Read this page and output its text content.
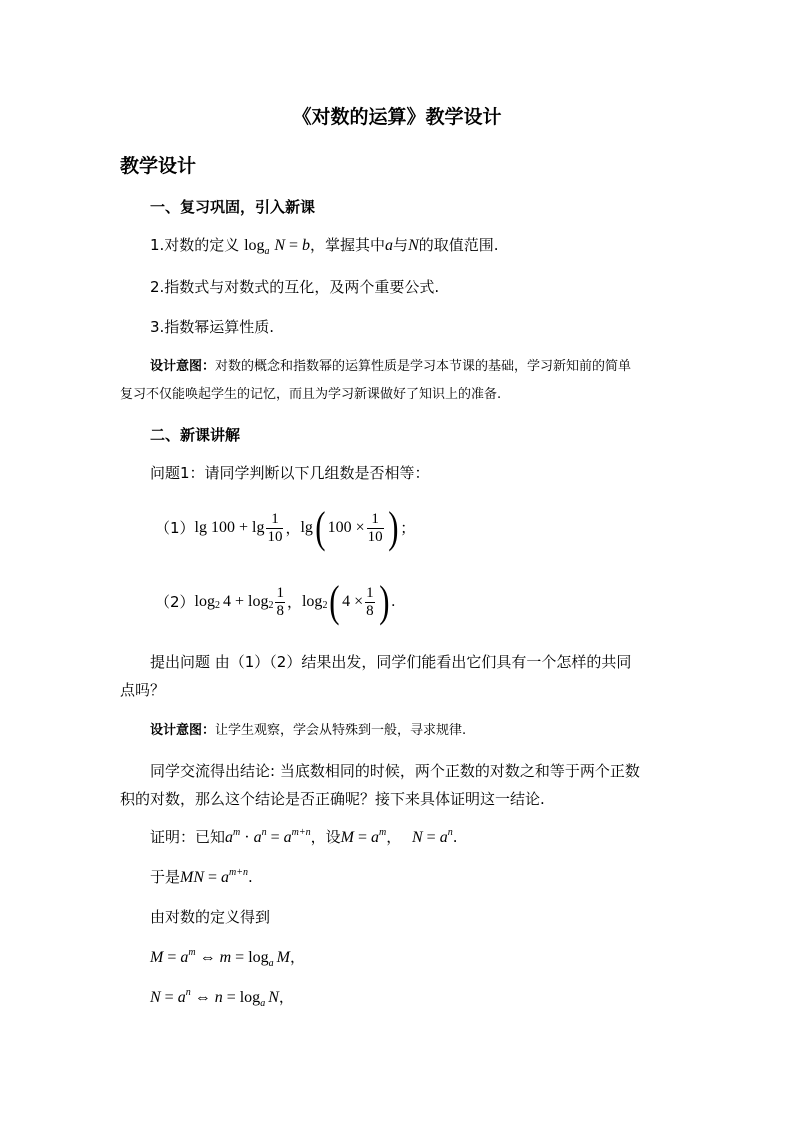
《对数的运算》教学设计
教学设计
一、复习巩固，引入新课
1.对数的定义 $\log_a N = b$，掌握其中a与N的取值范围.
2.指数式与对数式的互化，及两个重要公式.
3.指数幂运算性质.
设计意图：对数的概念和指数幂的运算性质是学习本节课的基础，学习新知前的简单
复习不仅能唤起学生的记忆，而且为学习新课做好了知识上的准备.
二、新课讲解
问题1：请同学判断以下几组数是否相等：
（1） lg 100 + lg
1
10 ， lg ( $100 \times \frac{1}{10}$ ) ；
（2） log 2 4 + log 2
1
8 ， log 2 ( $4 \times \frac{1}{8}$ ) .
提出问题 由（1）（2）结果出发，同学们能看出它们具有一个怎样的共同
点吗？
设计意图：让学生观察，学会从特殊到一般，寻求规律.
同学交流得出结论: 当底数相同的时候，两个正数的对数之和等于两个正数
积的对数，那么这个结论是否正确呢？接下来具体证明这一结论.
证明：已知$a^m \cdot a^n = a^{m+n}$，设$M = a^m$， $N = a^n$.
于是MN = $a^{m+n}$.
由对数的定义得到
$M = a^m$ ⇔ $m = \log_a M$，
$N = a^n$ ⇔ $n = \log_a N$，
